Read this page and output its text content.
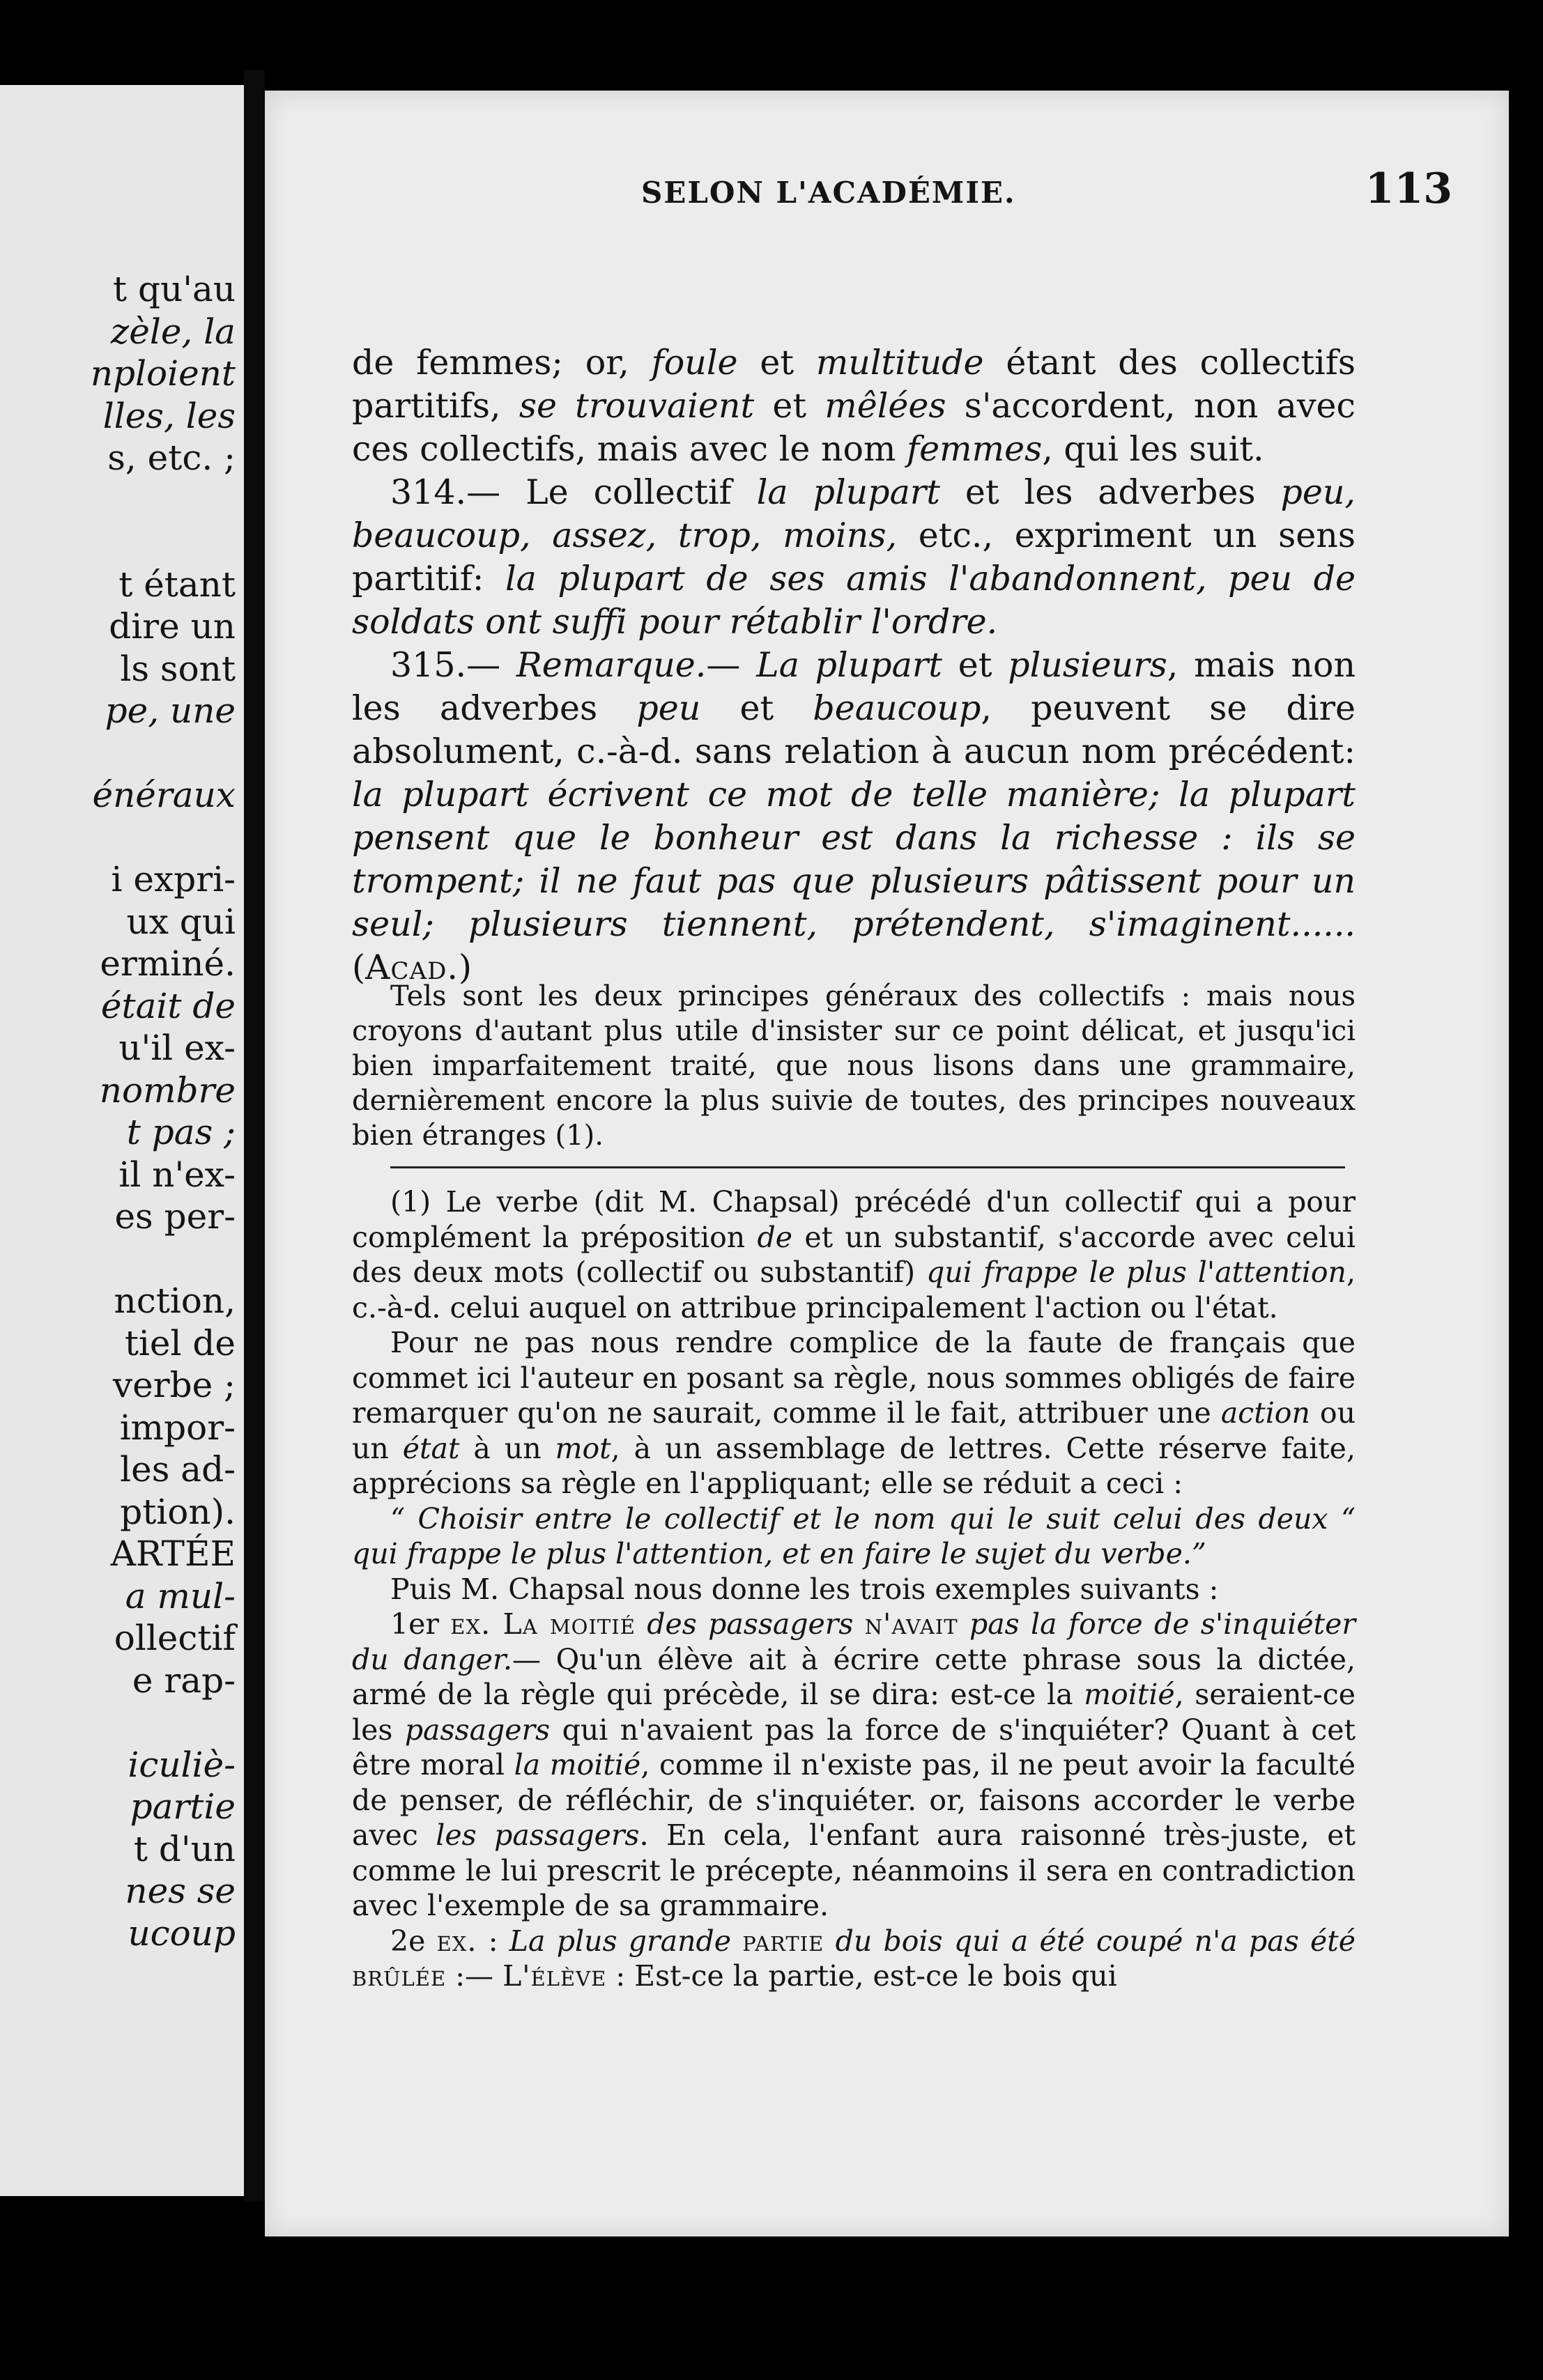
t qu'au
zèle, la
nploient
lles, les
s, etc. ;
t étant
dire un
ls sont
pe, une
énéraux
i expri-
ux qui
erminé.
était de
u'il ex-
nombre
t pas ;
il n'ex-
es per-
nction,
tiel de
verbe ;
impor-
les ad-
ption).
ARTÉE
a mul-
ollectif
e rap-
iculiè-
partie
t d'un
nes se
ucoup
SELON L'ACADÉMIE.	113

de femmes; or, foule et multitude étant des collectifs partitifs, se trouvaient et mêlées s'accordent, non avec ces collectifs, mais avec le nom femmes, qui les suit.

314.— Le collectif la plupart et les adverbes peu, beaucoup, assez, trop, moins, etc., expriment un sens partitif: la plupart de ses amis l'abandonnent, peu de soldats ont suffi pour rétablir l'ordre.

315.— Remarque.— La plupart et plusieurs, mais non les adverbes peu et beaucoup, peuvent se dire absolument, c.-à-d. sans relation à aucun nom précédent: la plupart écrivent ce mot de telle manière; la plupart pensent que le bonheur est dans la richesse : ils se trompent; il ne faut pas que plusieurs pâtissent pour un seul; plusieurs tiennent, prétendent, s'imaginent...... (Acad.)

Tels sont les deux principes généraux des collectifs : mais nous croyons d'autant plus utile d'insister sur ce point délicat, et jusqu'ici bien imparfaitement traité, que nous lisons dans une grammaire, dernièrement encore la plus suivie de toutes, des principes nouveaux bien étranges (1).

(1) Le verbe (dit M. Chapsal) précédé d'un collectif qui a pour complément la préposition de et un substantif, s'accorde avec celui des deux mots (collectif ou substantif) qui frappe le plus l'attention, c.-à-d. celui auquel on attribue principalement l'action ou l'état.

Pour ne pas nous rendre complice de la faute de français que commet ici l'auteur en posant sa règle, nous sommes obligés de faire remarquer qu'on ne saurait, comme il le fait, attribuer une action ou un état à un mot, à un assemblage de lettres. Cette réserve faite, apprécions sa règle en l'appliquant; elle se réduit a ceci :

“ Choisir entre le collectif et le nom qui le suit celui des deux “ qui frappe le plus l'attention, et en faire le sujet du verbe.”

Puis M. Chapsal nous donne les trois exemples suivants :

1er ex. La moitié des passagers n'avait pas la force de s'inquiéter du danger.— Qu'un élève ait à écrire cette phrase sous la dictée, armé de la règle qui précède, il se dira: est-ce la moitié, seraient-ce les passagers qui n'avaient pas la force de s'inquiéter? Quant à cet être moral la moitié, comme il n'existe pas, il ne peut avoir la faculté de penser, de réfléchir, de s'inquiéter. or, faisons accorder le verbe avec les passagers. En cela, l'enfant aura raisonné très-juste, et comme le lui prescrit le précepte, néanmoins il sera en contradiction avec l'exemple de sa grammaire.

2e ex. : La plus grande partie du bois qui a été coupé n'a pas été brûlée :— L'élève : Est-ce la partie, est-ce le bois qui
